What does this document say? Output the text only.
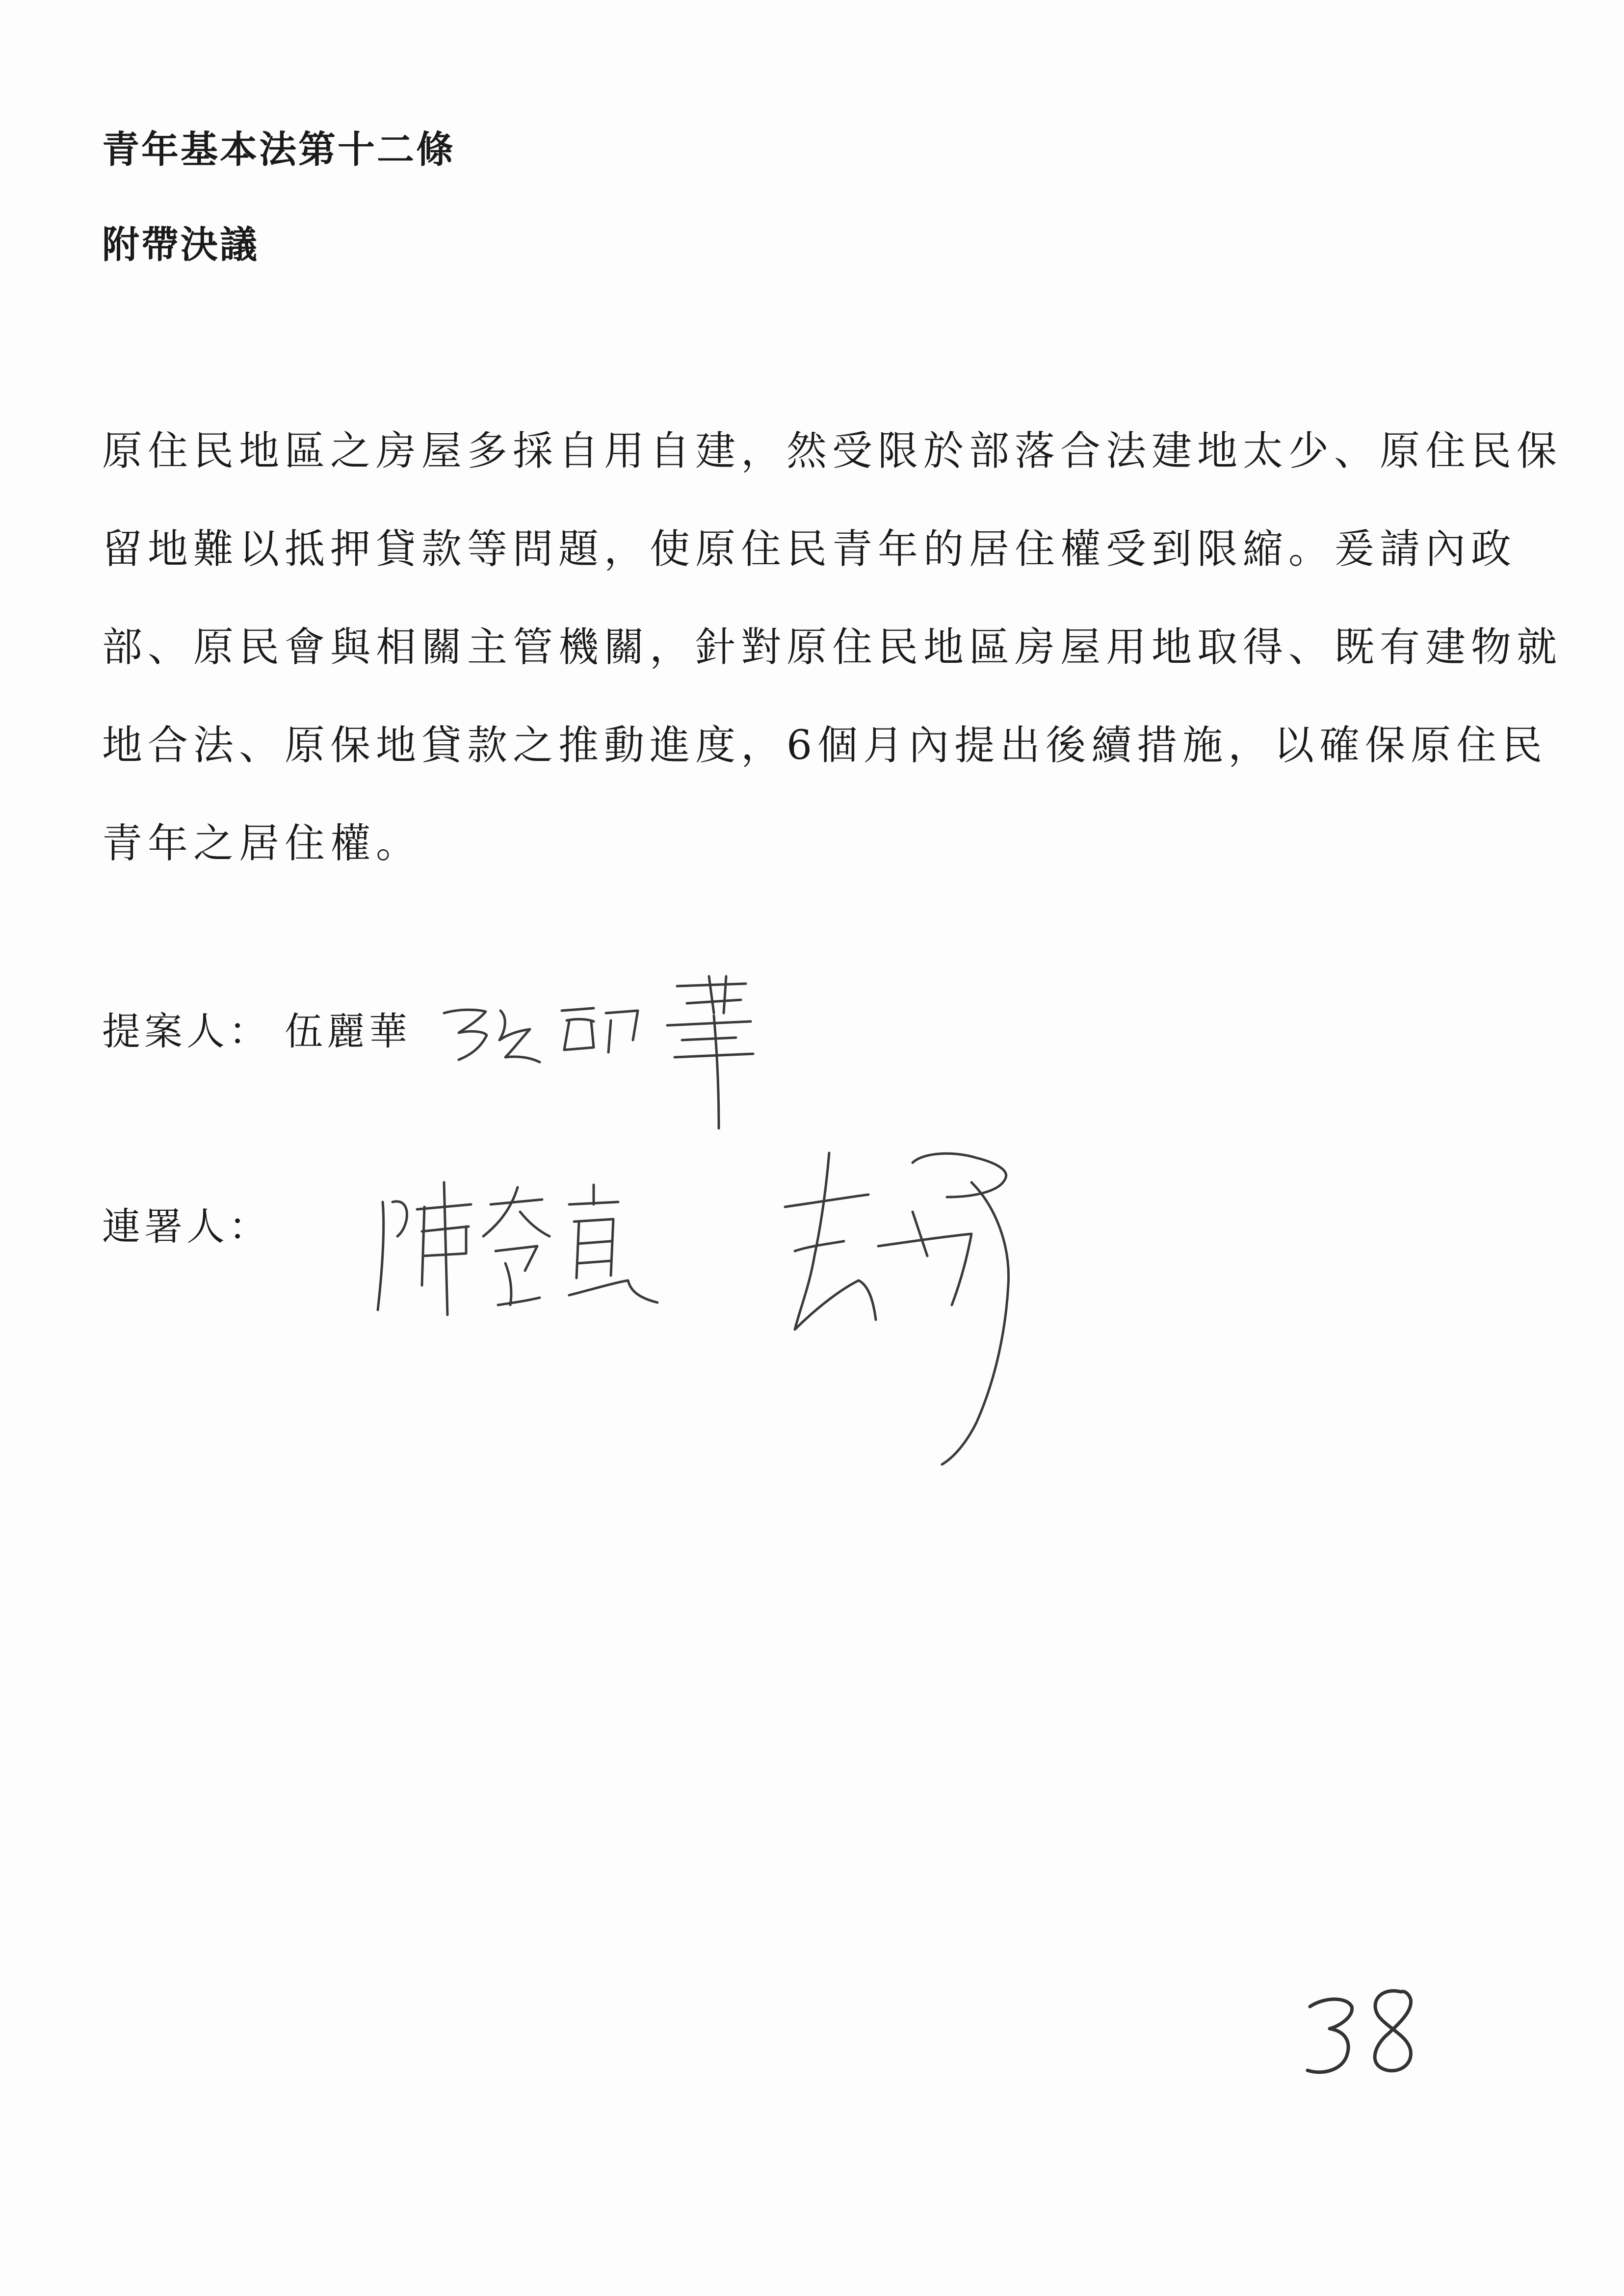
青年基本法第十二條
附帶決議
原住民地區之房屋多採自用自建，然受限於部落合法建地太少、原住民保
留地難以抵押貸款等問題，使原住民青年的居住權受到限縮。爰請內政
部、原民會與相關主管機關，針對原住民地區房屋用地取得、既有建物就
地合法、原保地貸款之推動進度，6個月內提出後續措施，以確保原住民
青年之居住權。
提案人： 伍麗華
連署人：
